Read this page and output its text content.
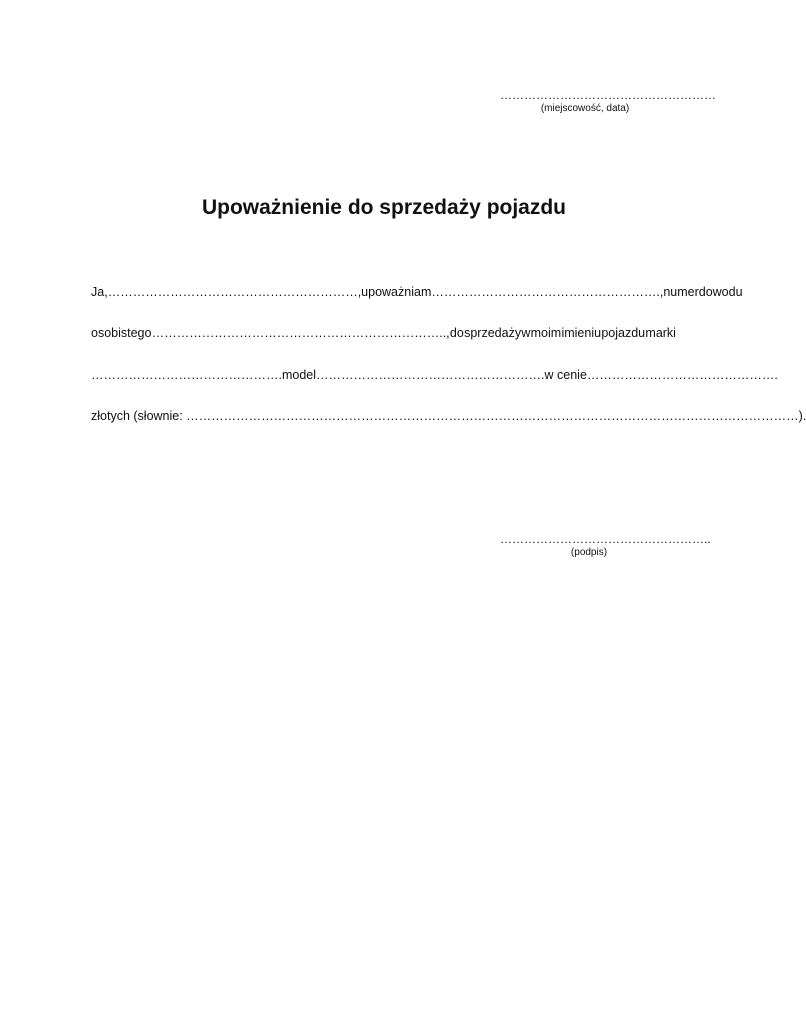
………………………………………………
(miejscowość, data)
Upoważnienie do sprzedaży pojazdu
Ja, ……………………………………………………, upoważniam ………………………………………………., numer dowodu
osobistego …………………………………………………………….., do sprzedaży w moim imieniu pojazdu marki
………………………………………. model ………………………………………………. w cenie ……………………………………….
złotych (słownie: …………………………………………………………………………………………………………………………………).
……………………………………………..
(podpis)
